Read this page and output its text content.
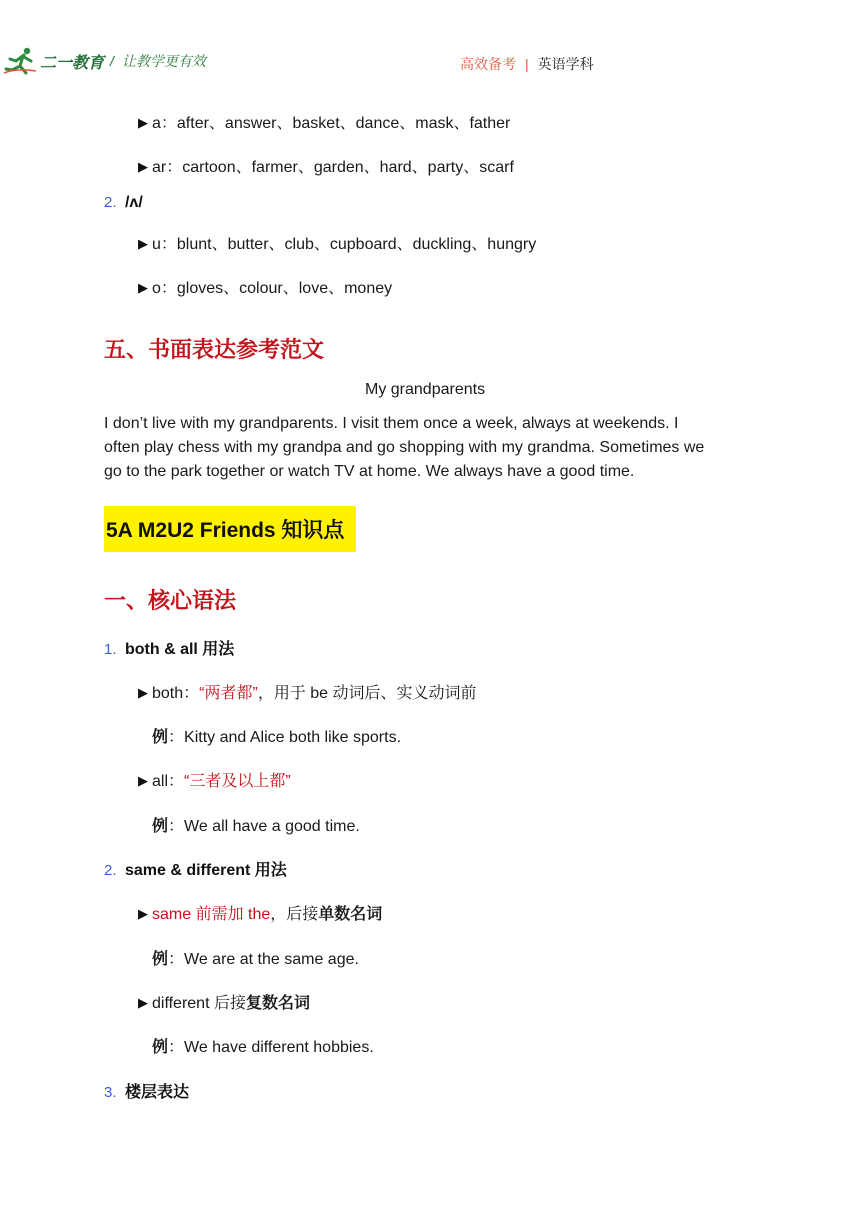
二一教育 / 让教学更有效	高效备考 | 英语学科
▶ a：after、answer、basket、dance、mask、father
▶ ar：cartoon、farmer、garden、hard、party、scarf
2. /ʌ/
▶ u：blunt、butter、club、cupboard、duckling、hungry
▶ o：gloves、colour、love、money
五、书面表达参考范文
My grandparents
I don’t live with my grandparents. I visit them once a week, always at weekends. I
often play chess with my grandpa and go shopping with my grandma. Sometimes we
go to the park together or watch TV at home. We always have a good time.
5A M2U2 Friends 知识点
一、核心语法
1. both & all 用法
▶ both：“两者都”，用于 be 动词后、实义动词前
例：Kitty and Alice both like sports.
▶ all：“三者及以上都”
例：We all have a good time.
2. same & different 用法
▶ same 前需加 the，后接单数名词
例：We are at the same age.
▶ different 后接复数名词
例：We have different hobbies.
3. 楼层表达
